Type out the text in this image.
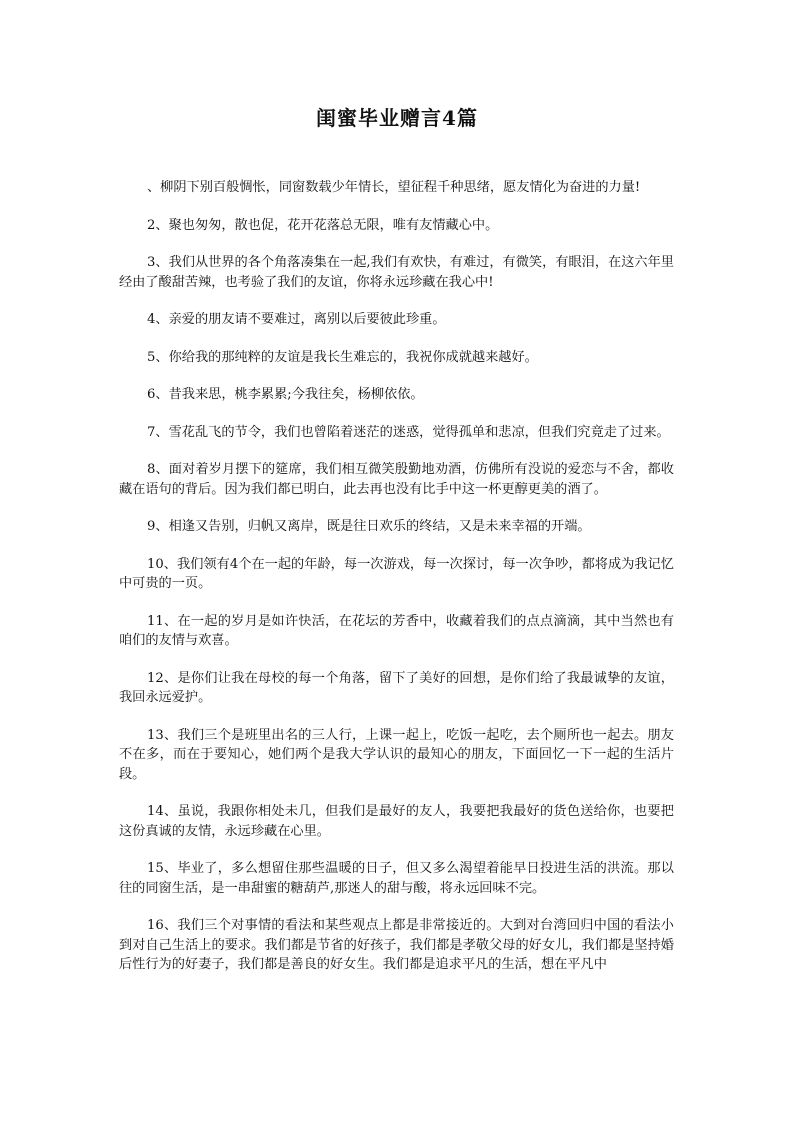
闺蜜毕业赠言4篇

、柳阴下别百般惆怅，同窗数载少年情长，望征程千种思绪，愿友情化为奋进的力量!

2、聚也匆匆，散也促，花开花落总无限，唯有友情藏心中。

3、我们从世界的各个角落凑集在一起,我们有欢快，有难过，有微笑，有眼泪，在这六年里经由了酸甜苦辣，也考验了我们的友谊，你将永远珍藏在我心中!

4、亲爱的朋友请不要难过，离别以后要彼此珍重。

5、你给我的那纯粹的友谊是我长生难忘的，我祝你成就越来越好。

6、昔我来思，桃李累累;今我往矣，杨柳依依。

7、雪花乱飞的节令，我们也曾陷着迷茫的迷惑，觉得孤单和悲凉，但我们究竟走了过来。

8、面对着岁月摆下的筵席，我们相互微笑殷勤地劝酒，仿佛所有没说的爱恋与不舍，都收藏在语句的背后。因为我们都已明白，此去再也没有比手中这一杯更醇更美的酒了。

9、相逢又告别，归帆又离岸，既是往日欢乐的终结，又是未来幸福的开端。

10、我们领有4个在一起的年龄，每一次游戏，每一次探讨，每一次争吵，都将成为我记忆中可贵的一页。

11、在一起的岁月是如许快活，在花坛的芳香中，收藏着我们的点点滴滴，其中当然也有咱们的友情与欢喜。

12、是你们让我在母校的每一个角落，留下了美好的回想，是你们给了我最诚挚的友谊，我回永远爱护。

13、我们三个是班里出名的三人行，上课一起上，吃饭一起吃，去个厕所也一起去。朋友不在多，而在于要知心，她们两个是我大学认识的最知心的朋友，下面回忆一下一起的生活片段。

14、虽说，我跟你相处未几，但我们是最好的友人，我要把我最好的货色送给你，也要把这份真诚的友情，永远珍藏在心里。

15、毕业了，多么想留住那些温暖的日子，但又多么渴望着能早日投进生活的洪流。那以往的同窗生活，是一串甜蜜的糖葫芦,那迷人的甜与酸，将永远回味不完。

16、我们三个对事情的看法和某些观点上都是非常接近的。大到对台湾回归中国的看法小到对自己生活上的要求。我们都是节省的好孩子，我们都是孝敬父母的好女儿，我们都是坚持婚后性行为的好妻子，我们都是善良的好女生。我们都是追求平凡的生活，想在平凡中
